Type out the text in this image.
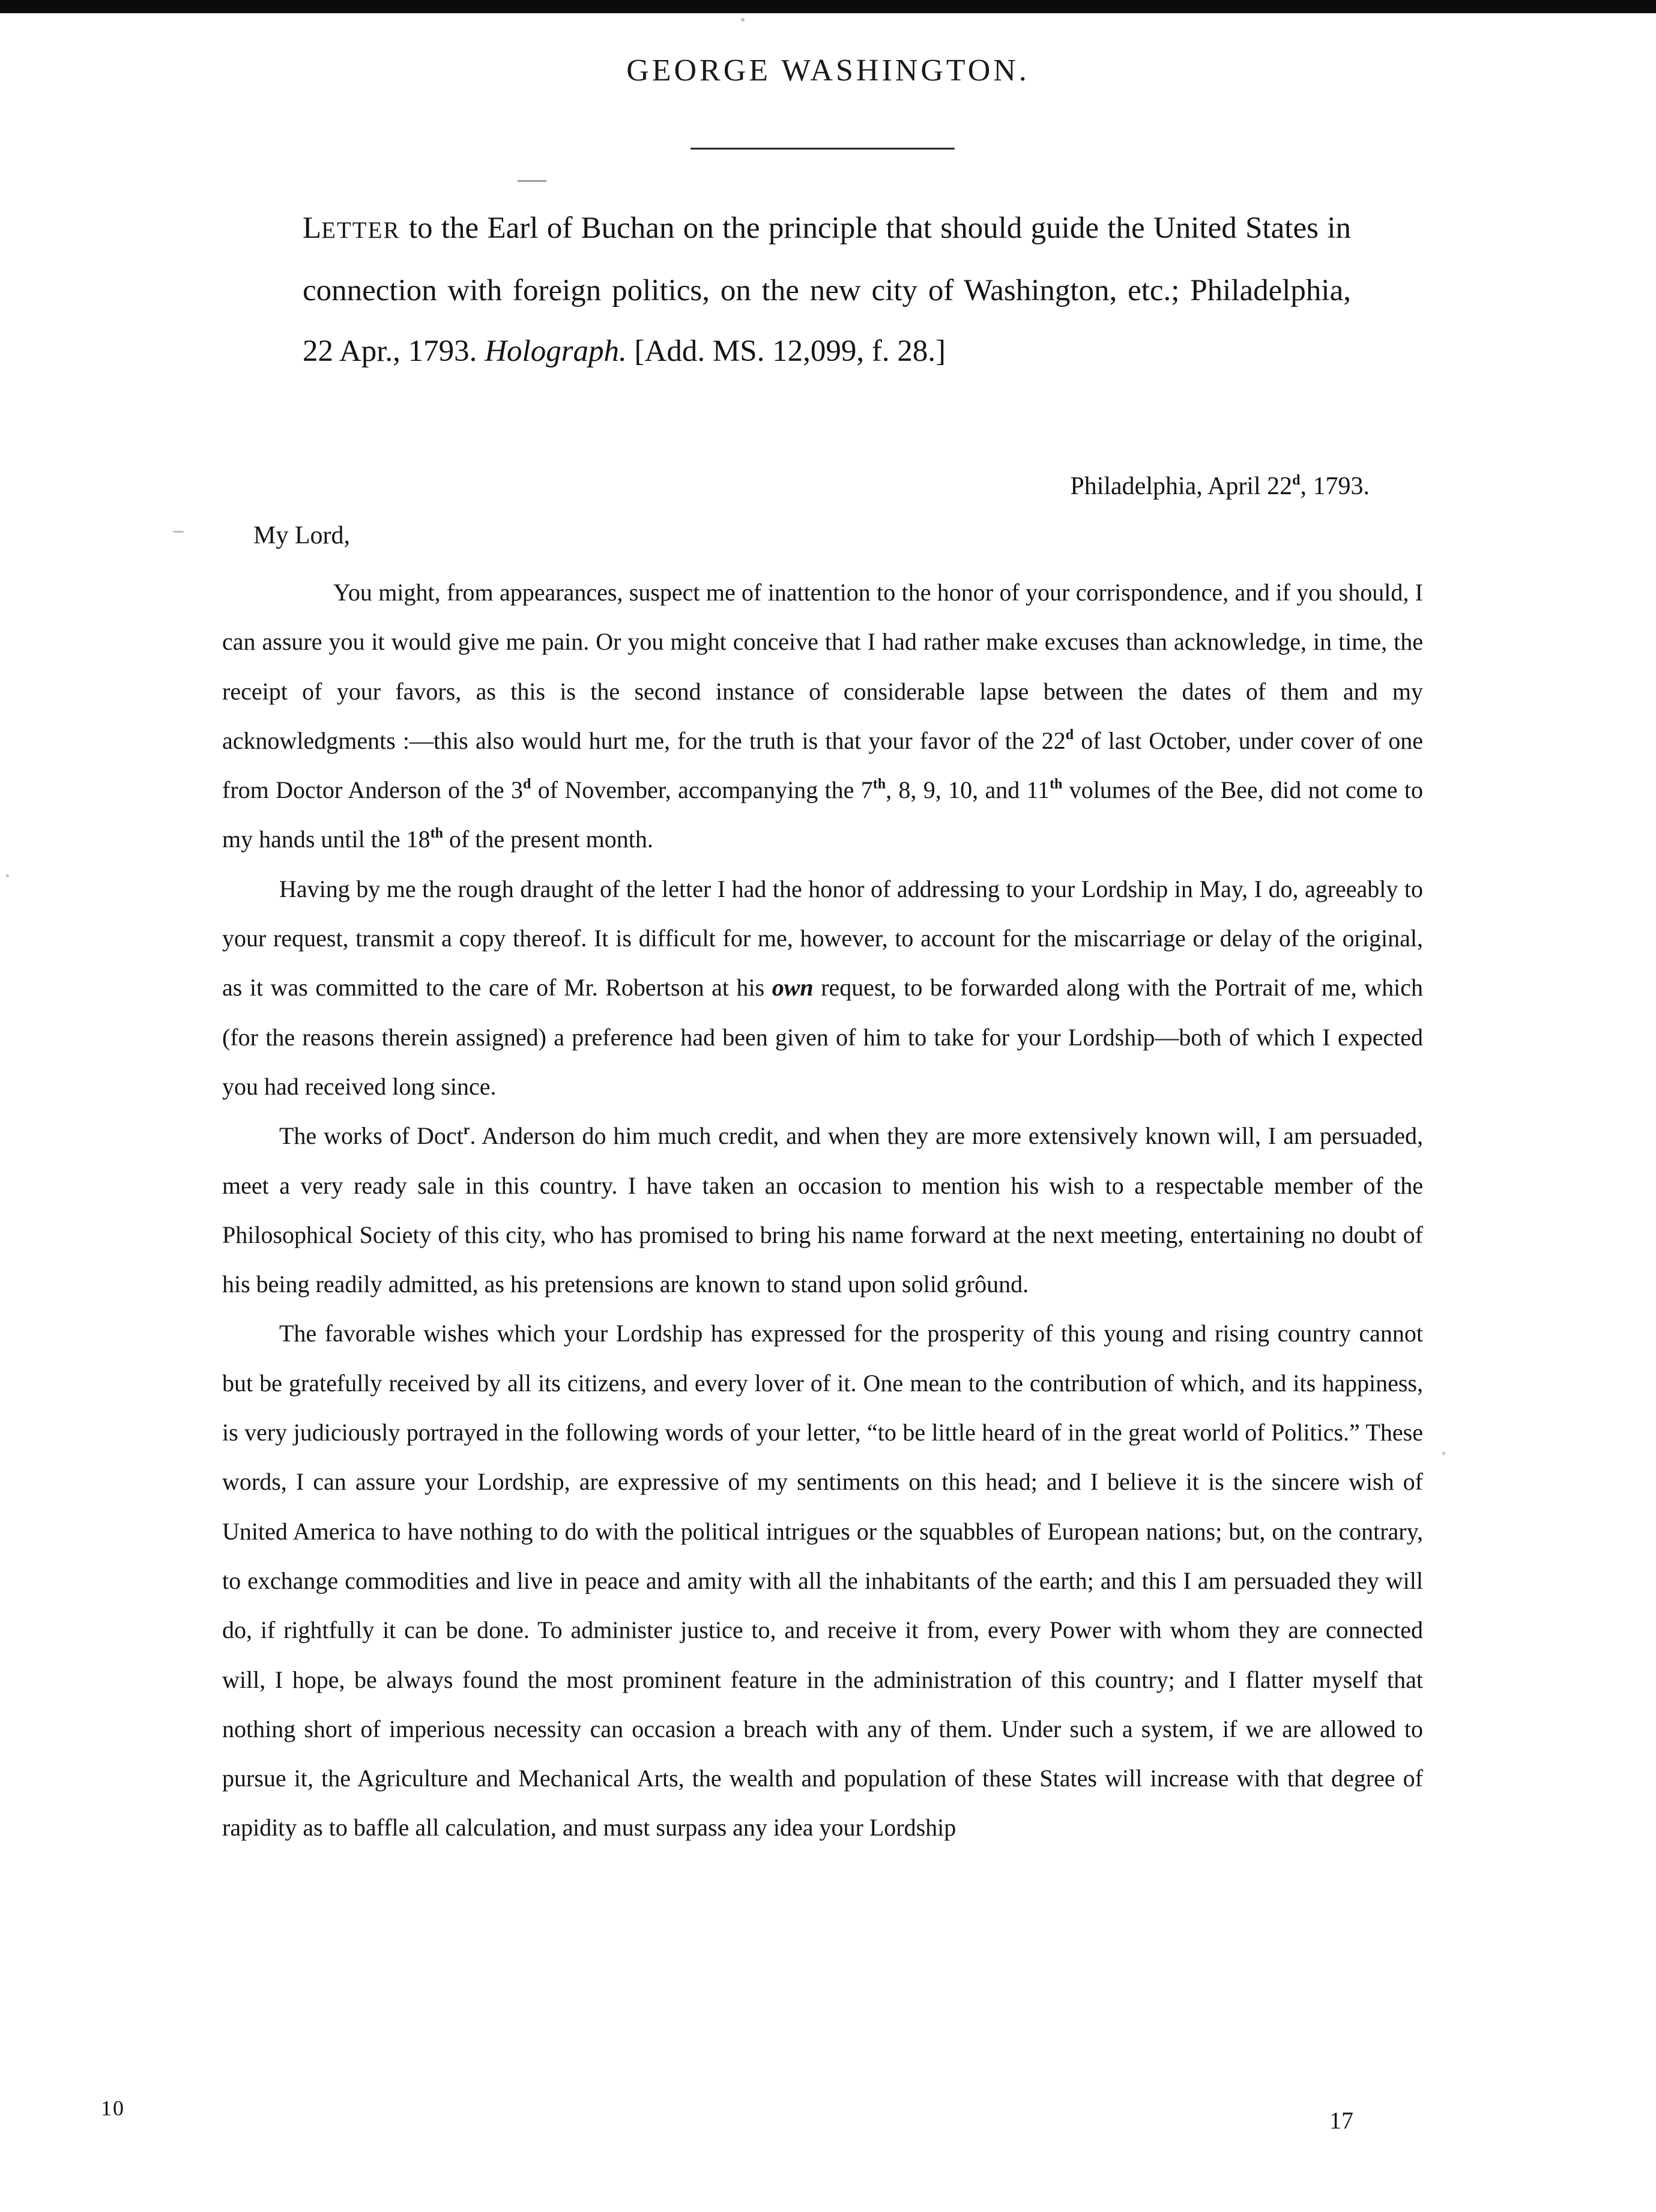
GEORGE WASHINGTON.
LETTER to the Earl of Buchan on the principle that should guide the United States in connection with foreign politics, on the new city of Washington, etc.; Philadelphia, 22 Apr., 1793. Holograph. [Add. MS. 12,099, f. 28.]
Philadelphia, April 22$^d$, 1793.
My Lord,

You might, from appearances, suspect me of inattention to the honor of your corrispondence, and if you should, I can assure you it would give me pain. Or you might conceive that I had rather make excuses than acknowledge, in time, the receipt of your favors, as this is the second instance of considerable lapse between the dates of them and my acknowledgments :—this also would hurt me, for the truth is that your favor of the 22$^d$ of last October, under cover of one from Doctor Anderson of the 3$^d$ of November, accompanying the 7th, 8, 9, 10, and 11th volumes of the Bee, did not come to my hands until the 18th of the present month.

Having by me the rough draught of the letter I had the honor of addressing to your Lordship in May, I do, agreeably to your request, transmit a copy thereof. It is difficult for me, however, to account for the miscarriage or delay of the original, as it was committed to the care of Mr. Robertson at his own request, to be forwarded along with the Portrait of me, which (for the reasons therein assigned) a preference had been given of him to take for your Lordship—both of which I expected you had received long since.

The works of Doct$^r$. Anderson do him much credit, and when they are more extensively known will, I am persuaded, meet a very ready sale in this country. I have taken an occasion to mention his wish to a respectable member of the Philosophical Society of this city, who has promised to bring his name forward at the next meeting, entertaining no doubt of his being readily admitted, as his pretensions are known to stand upon solid grôund.

The favorable wishes which your Lordship has expressed for the prosperity of this young and rising country cannot but be gratefully received by all its citizens, and every lover of it. One mean to the contribution of which, and its happiness, is very judiciously portrayed in the following words of your letter, “to be little heard of in the great world of Politics.” These words, I can assure your Lordship, are expressive of my sentiments on this head; and I believe it is the sincere wish of United America to have nothing to do with the political intrigues or the squabbles of European nations; but, on the contrary, to exchange commodities and live in peace and amity with all the inhabitants of the earth; and this I am persuaded they will do, if rightfully it can be done. To administer justice to, and receive it from, every Power with whom they are connected will, I hope, be always found the most prominent feature in the administration of this country; and I flatter myself that nothing short of imperious necessity can occasion a breach with any of them. Under such a system, if we are allowed to pursue it, the Agriculture and Mechanical Arts, the wealth and population of these States will increase with that degree of rapidity as to baffle all calculation, and must surpass any idea your Lordship

10	17
